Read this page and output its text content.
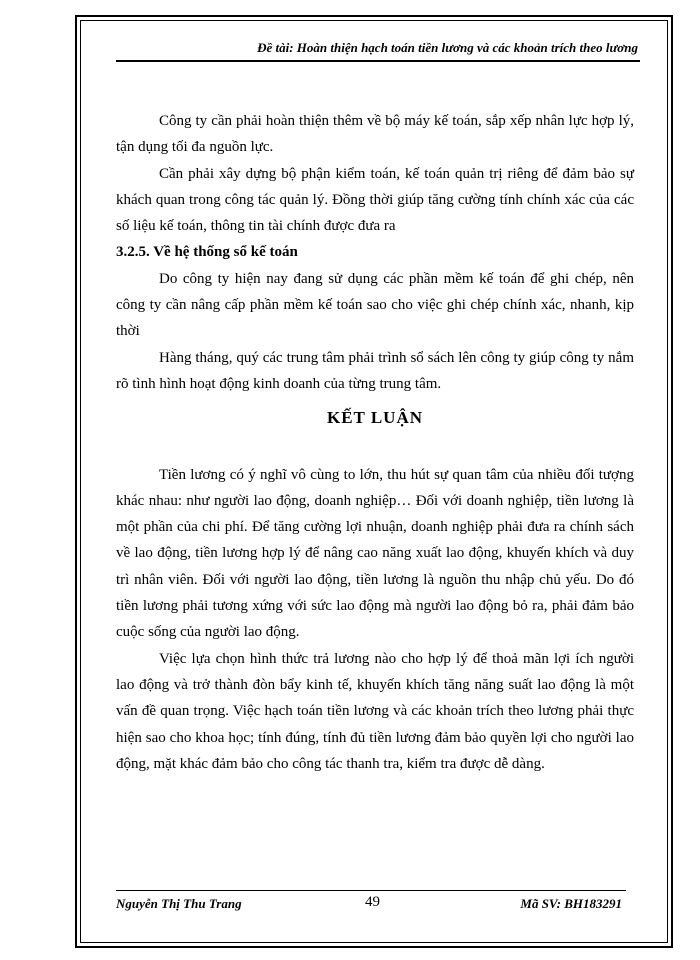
Đề tài: Hoàn thiện hạch toán tiền lương và các khoản trích theo lương

Công ty cần phải hoàn thiện thêm về bộ máy kế toán, sắp xếp nhân lực hợp lý, tận dụng tối đa nguồn lực.

Cần phải xây dựng bộ phận kiểm toán, kế toán quản trị riêng để đảm bảo sự khách quan trong công tác quản lý. Đồng thời giúp tăng cường tính chính xác của các số liệu kế toán, thông tin tài chính được đưa ra

3.2.5. Về hệ thống sổ kế toán

Do công ty hiện nay đang sử dụng các phần mềm kế toán để ghi chép, nên công ty cần nâng cấp phần mềm kế toán sao cho việc ghi chép chính xác, nhanh, kịp thời

Hàng tháng, quý các trung tâm phải trình sổ sách lên công ty giúp công ty nắm rõ tình hình hoạt động kinh doanh của từng trung tâm.

KẾT LUẬN

Tiền lương có ý nghĩ vô cùng to lớn, thu hút sự quan tâm của nhiều đối tượng khác nhau: như người lao động, doanh nghiệp… Đối với doanh nghiệp, tiền lương là một phần của chi phí. Để tăng cường lợi nhuận, doanh nghiệp phải đưa ra chính sách về lao động, tiền lương hợp lý để nâng cao năng xuất lao động, khuyến khích và duy trì nhân viên. Đối với người lao động, tiền lương là nguồn thu nhập chủ yếu. Do đó tiền lương phải tương xứng với sức lao động mà người lao động bỏ ra, phải đảm bảo cuộc sống của người lao động.

Việc lựa chọn hình thức trả lương nào cho hợp lý để thoả mãn lợi ích người lao động và trở thành đòn bẩy kinh tế, khuyến khích tăng năng suất lao động là một vấn đề quan trọng. Việc hạch toán tiền lương và các khoản trích theo lương phải thực hiện sao cho khoa học; tính đúng, tính đủ tiền lương đảm bảo quyền lợi cho người lao động, mặt khác đảm bảo cho công tác thanh tra, kiểm tra được dễ dàng.

Nguyễn Thị Thu Trang	49	Mã SV: BH183291
